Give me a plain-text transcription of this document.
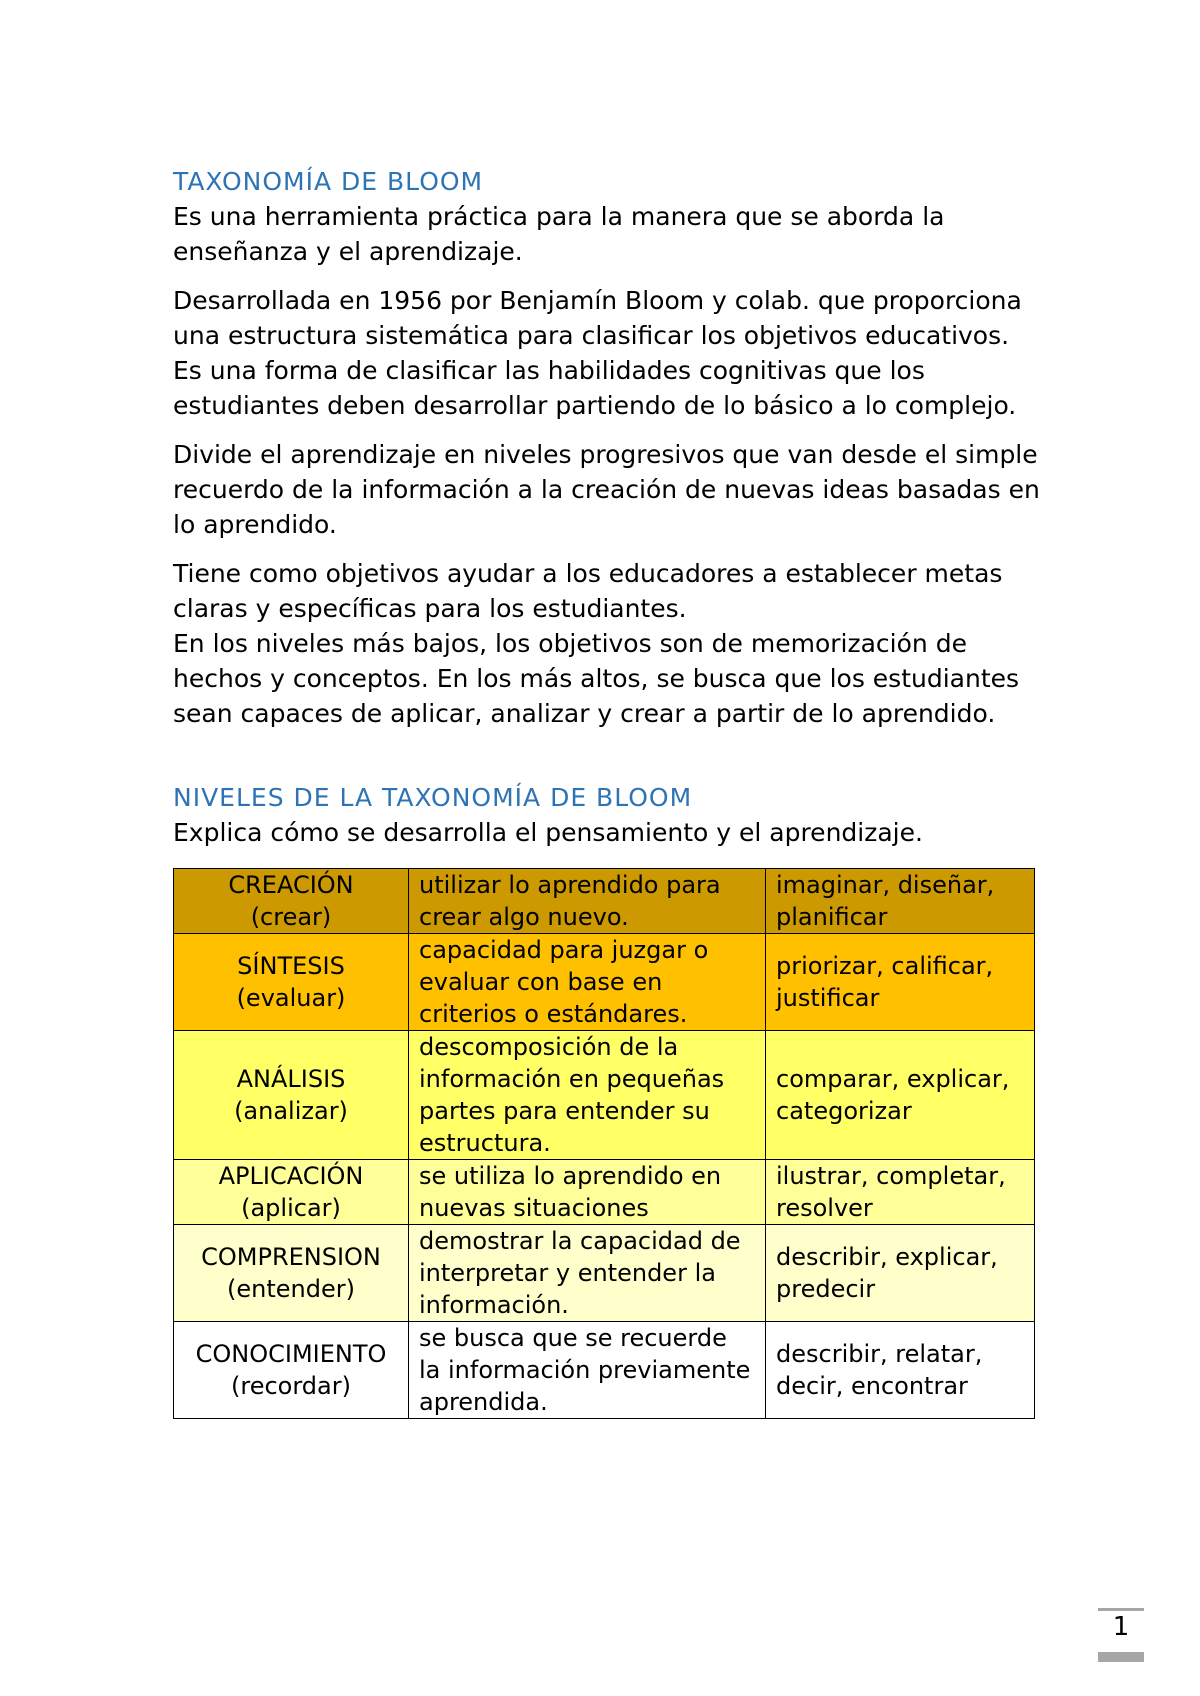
TAXONOMÍA DE BLOOM

Es una herramienta práctica para la manera que se aborda la enseñanza y el aprendizaje.

Desarrollada en 1956 por Benjamín Bloom y colab. que proporciona una estructura sistemática para clasificar los objetivos educativos. Es una forma de clasificar las habilidades cognitivas que los estudiantes deben desarrollar partiendo de lo básico a lo complejo.

Divide el aprendizaje en niveles progresivos que van desde el simple recuerdo de la información a la creación de nuevas ideas basadas en lo aprendido.

Tiene como objetivos ayudar a los educadores a establecer metas claras y específicas para los estudiantes.

En los niveles más bajos, los objetivos son de memorización de hechos y conceptos. En los más altos, se busca que los estudiantes sean capaces de aplicar, analizar y crear a partir de lo aprendido.

NIVELES DE LA TAXONOMÍA DE BLOOM

Explica cómo se desarrolla el pensamiento y el aprendizaje.

CREACIÓN
(crear)	utilizar lo aprendido para crear algo nuevo.	imaginar, diseñar, planificar

SÍNTESIS
(evaluar)	capacidad para juzgar o evaluar con base en criterios o estándares.	priorizar, calificar, justificar

ANÁLISIS
(analizar)	descomposición de la información en pequeñas partes para entender su estructura.	comparar, explicar, categorizar

APLICACIÓN
(aplicar)	se utiliza lo aprendido en nuevas situaciones	ilustrar, completar, resolver

COMPRENSION
(entender)	demostrar la capacidad de interpretar y entender la información.	describir, explicar, predecir

CONOCIMIENTO
(recordar)	se busca que se recuerde la información previamente aprendida.	describir, relatar, decir, encontrar
1
